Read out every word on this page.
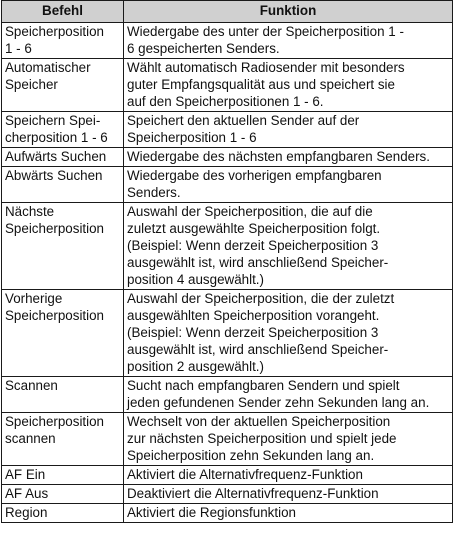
Befehl	Funktion

Speicherposition
1 - 6	Wiedergabe des unter der Speicherposition 1 -
6 gespeicherten Senders.

Automatischer
Speicher	Wählt automatisch Radiosender mit besonders
guter Empfangsqualität aus und speichert sie
auf den Speicherpositionen 1 - 6.

Speichern Spei-
cherposition 1 - 6	Speichert den aktuellen Sender auf der
Speicherposition 1 - 6

Aufwärts Suchen	Wiedergabe des nächsten empfangbaren Senders.

Abwärts Suchen	Wiedergabe des vorherigen empfangbaren
Senders.

Nächste
Speicherposition	Auswahl der Speicherposition, die auf die
zuletzt ausgewählte Speicherposition folgt.
(Beispiel: Wenn derzeit Speicherposition 3
ausgewählt ist, wird anschließend Speicher-
position 4 ausgewählt.)

Vorherige
Speicherposition	Auswahl der Speicherposition, die der zuletzt
ausgewählten Speicherposition vorangeht.
(Beispiel: Wenn derzeit Speicherposition 3
ausgewählt ist, wird anschließend Speicher-
position 2 ausgewählt.)

Scannen	Sucht nach empfangbaren Sendern und spielt
jeden gefundenen Sender zehn Sekunden lang an.

Speicherposition
scannen	Wechselt von der aktuellen Speicherposition
zur nächsten Speicherposition und spielt jede
Speicherposition zehn Sekunden lang an.

AF Ein	Aktiviert die Alternativfrequenz-Funktion

AF Aus	Deaktiviert die Alternativfrequenz-Funktion

Region	Aktiviert die Regionsfunktion
